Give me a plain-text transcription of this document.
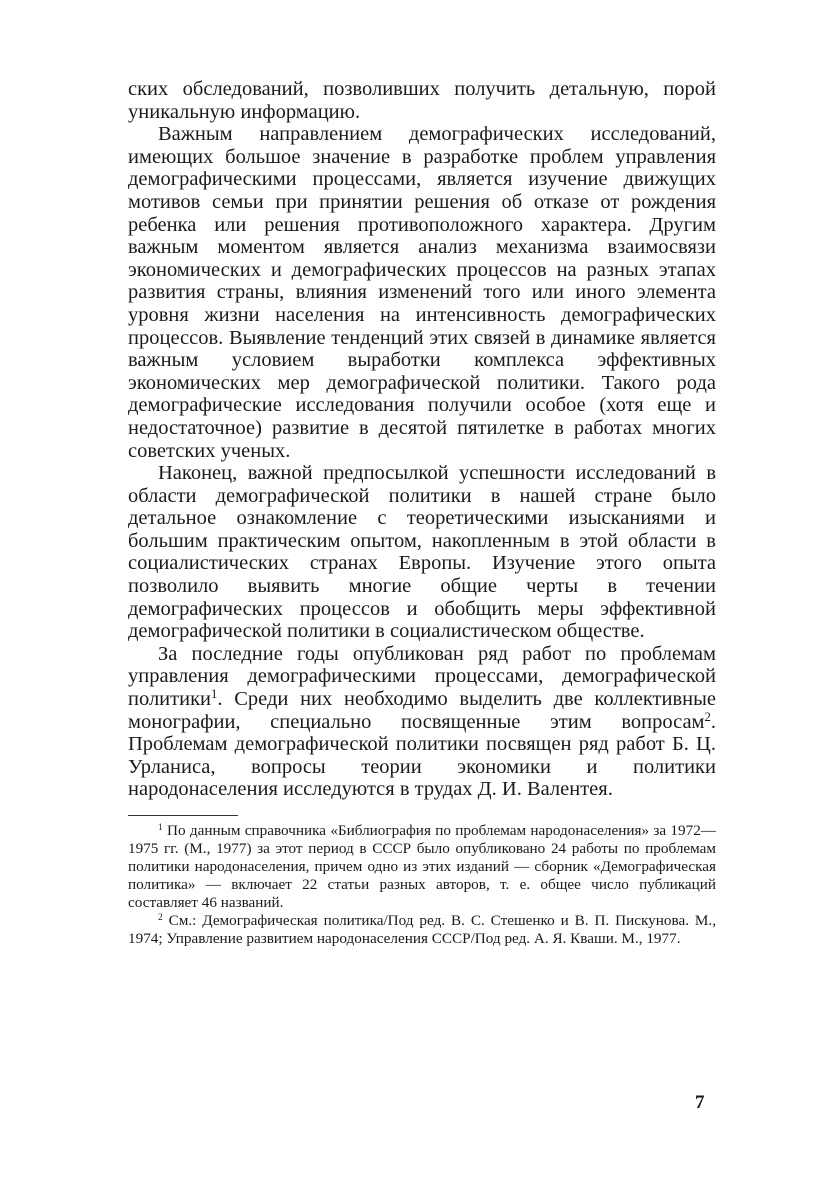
ских обследований, позволивших получить детальную, порой уникальную информацию.

Важным направлением демографических исследований, имеющих большое значение в разработке проблем управления демографическими процессами, является изучение движущих мотивов семьи при принятии решения об отказе от рождения ребенка или решения противоположного характера. Другим важным моментом является анализ механизма взаимосвязи экономических и демографических процессов на разных этапах развития страны, влияния изменений того или иного элемента уровня жизни населения на интенсивность демографических процессов. Выявление тенденций этих связей в динамике является важным условием выработки комплекса эффективных экономических мер демографической политики. Такого рода демографические исследования получили особое (хотя еще и недостаточное) развитие в десятой пятилетке в работах многих советских ученых.

Наконец, важной предпосылкой успешности исследований в области демографической политики в нашей стране было детальное ознакомление с теоретическими изысканиями и большим практическим опытом, накопленным в этой области в социалистических странах Европы. Изучение этого опыта позволило выявить многие общие черты в течении демографических процессов и обобщить меры эффективной демографической политики в социалистическом обществе.

За последние годы опубликован ряд работ по проблемам управления демографическими процессами, демографической политики$^1$. Среди них необходимо выделить две коллективные монографии, специально посвященные этим вопросам$^2$. Проблемам демографической политики посвящен ряд работ Б. Ц. Урланиса, вопросы теории экономики и политики народонаселения исследуются в трудах Д. И. Валентея.

$^1$ По данным справочника «Библиография по проблемам народонаселения» за 1972—1975 гг. (М., 1977) за этот период в СССР было опубликовано 24 работы по проблемам политики народонаселения, причем одно из этих изданий — сборник «Демографическая политика» — включает 22 статьи разных авторов, т. е. общее число публикаций составляет 46 названий.

$^2$ См.: Демографическая политика/Под ред. В. С. Стешенко и В. П. Пискунова. М., 1974; Управление развитием народонаселения СССР/Под ред. А. Я. Кваши. М., 1977.

7
